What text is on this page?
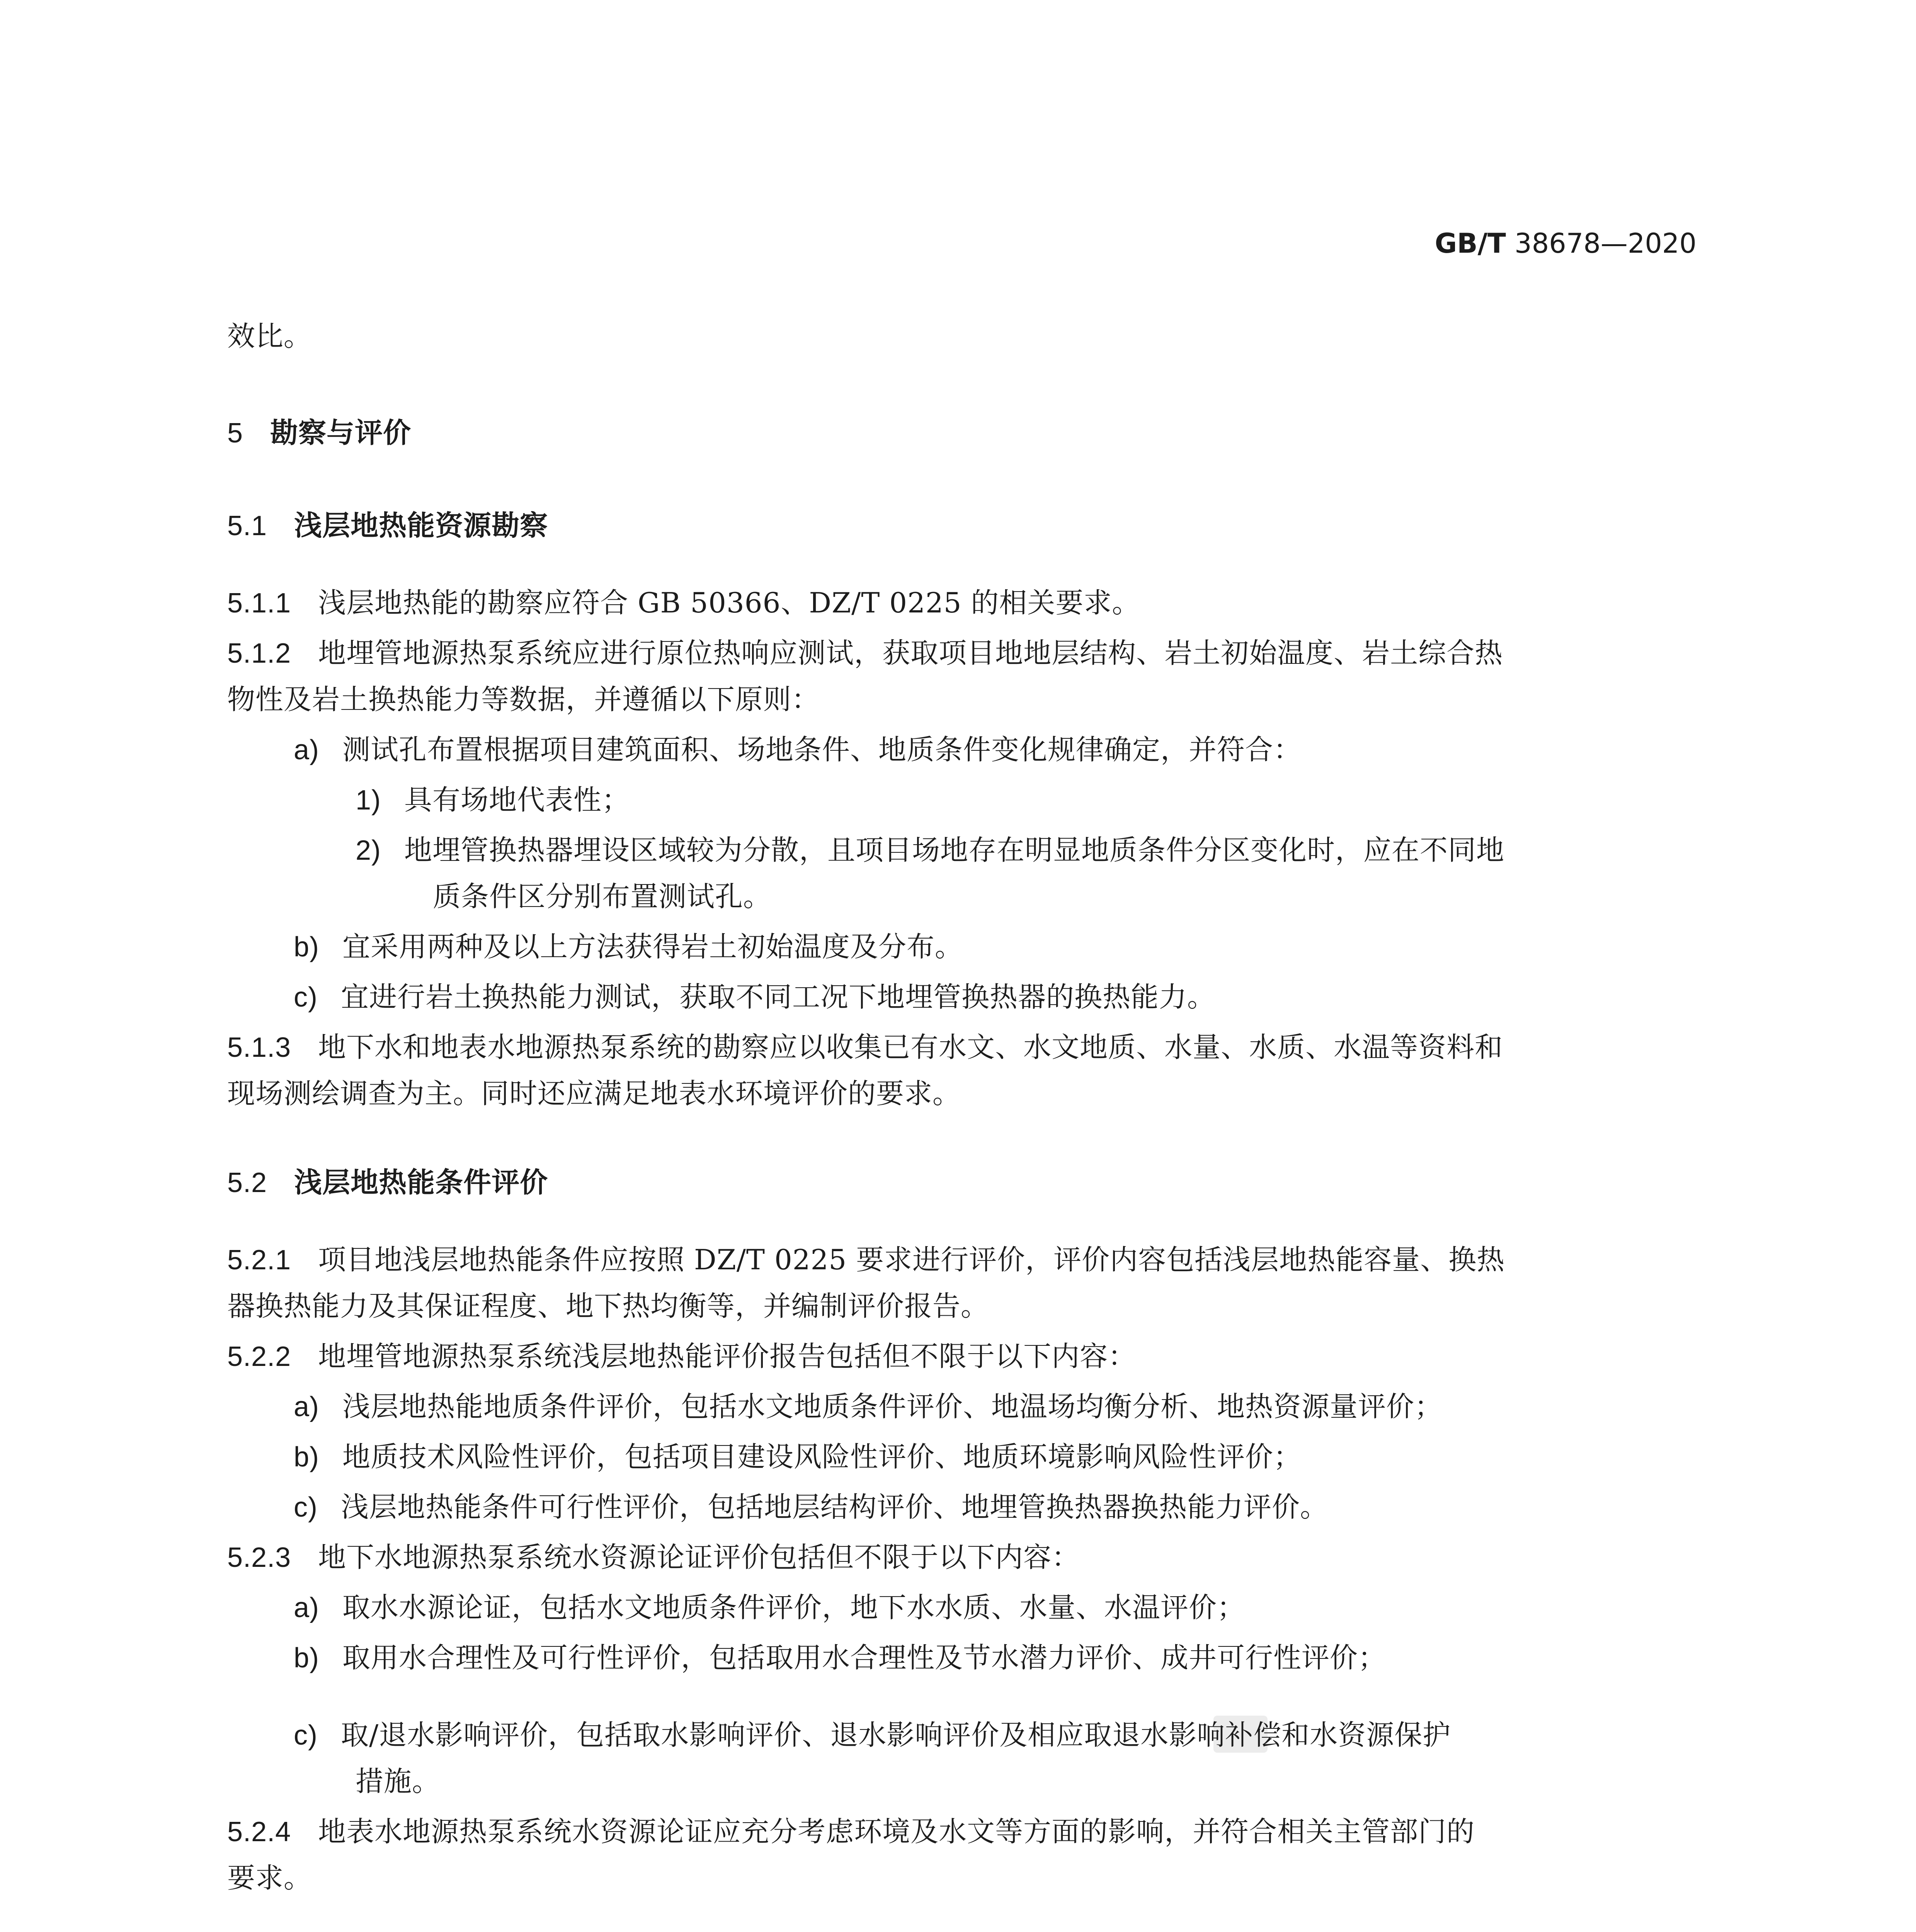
GB/T 38678—2020
效比。
5 勘察与评价
5.1 浅层地热能资源勘察
5.1.1 浅层地热能的勘察应符合 GB 50366、DZ/T 0225 的相关要求。
5.1.2 地埋管地源热泵系统应进行原位热响应测试，获取项目地地层结构、岩土初始温度、岩土综合热
物性及岩土换热能力等数据，并遵循以下原则：
a) 测试孔布置根据项目建筑面积、场地条件、地质条件变化规律确定，并符合：
1) 具有场地代表性；
2) 地埋管换热器埋设区域较为分散，且项目场地存在明显地质条件分区变化时，应在不同地
质条件区分别布置测试孔。
b) 宜采用两种及以上方法获得岩土初始温度及分布。
c) 宜进行岩土换热能力测试，获取不同工况下地埋管换热器的换热能力。
5.1.3 地下水和地表水地源热泵系统的勘察应以收集已有水文、水文地质、水量、水质、水温等资料和
现场测绘调查为主。同时还应满足地表水环境评价的要求。
5.2 浅层地热能条件评价
5.2.1 项目地浅层地热能条件应按照 DZ/T 0225 要求进行评价，评价内容包括浅层地热能容量、换热
器换热能力及其保证程度、地下热均衡等，并编制评价报告。
5.2.2 地埋管地源热泵系统浅层地热能评价报告包括但不限于以下内容：
a) 浅层地热能地质条件评价，包括水文地质条件评价、地温场均衡分析、地热资源量评价；
b) 地质技术风险性评价，包括项目建设风险性评价、地质环境影响风险性评价；
c) 浅层地热能条件可行性评价，包括地层结构评价、地埋管换热器换热能力评价。
5.2.3 地下水地源热泵系统水资源论证评价包括但不限于以下内容：
a) 取水水源论证，包括水文地质条件评价，地下水水质、水量、水温评价；
b) 取用水合理性及可行性评价，包括取用水合理性及节水潜力评价、成井可行性评价；
c) 取/退水影响评价，包括取水影响评价、退水影响评价及相应取退水影响补偿和水资源保护
措施。
5.2.4 地表水地源热泵系统水资源论证应充分考虑环境及水文等方面的影响，并符合相关主管部门的
要求。
